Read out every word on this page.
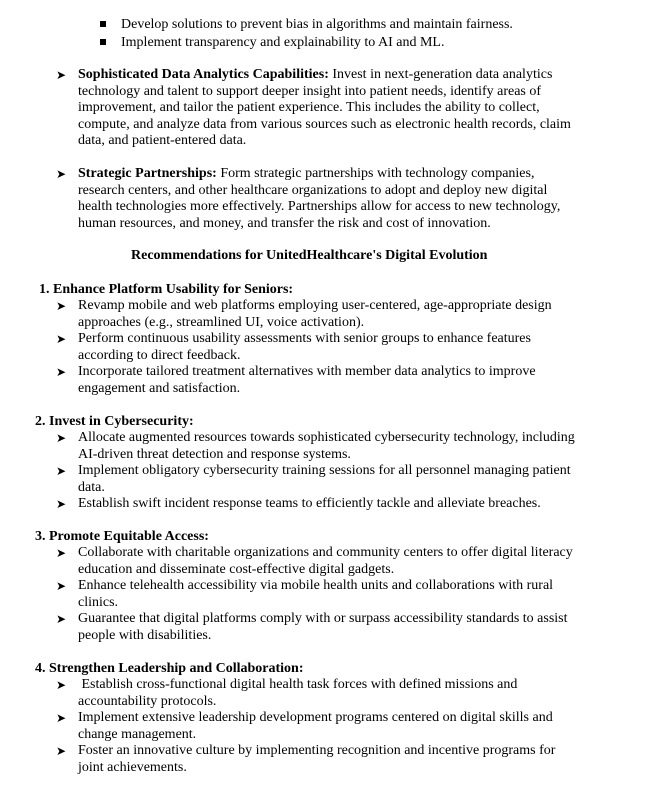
Develop solutions to prevent bias in algorithms and maintain fairness.
Implement transparency and explainability to AI and ML.
➤ Sophisticated Data Analytics Capabilities: Invest in next-generation data analytics
technology and talent to support deeper insight into patient needs, identify areas of
improvement, and tailor the patient experience. This includes the ability to collect,
compute, and analyze data from various sources such as electronic health records, claim
data, and patient-entered data.
➤ Strategic Partnerships: Form strategic partnerships with technology companies,
research centers, and other healthcare organizations to adopt and deploy new digital
health technologies more effectively. Partnerships allow for access to new technology,
human resources, and money, and transfer the risk and cost of innovation.
Recommendations for UnitedHealthcare's Digital Evolution
1. Enhance Platform Usability for Seniors:
➤ Revamp mobile and web platforms employing user-centered, age-appropriate design
approaches (e.g., streamlined UI, voice activation).
➤ Perform continuous usability assessments with senior groups to enhance features
according to direct feedback.
➤ Incorporate tailored treatment alternatives with member data analytics to improve
engagement and satisfaction.
2. Invest in Cybersecurity:
➤ Allocate augmented resources towards sophisticated cybersecurity technology, including
AI-driven threat detection and response systems.
➤ Implement obligatory cybersecurity training sessions for all personnel managing patient
data.
➤ Establish swift incident response teams to efficiently tackle and alleviate breaches.
3. Promote Equitable Access:
➤ Collaborate with charitable organizations and community centers to offer digital literacy
education and disseminate cost-effective digital gadgets.
➤ Enhance telehealth accessibility via mobile health units and collaborations with rural
clinics.
➤ Guarantee that digital platforms comply with or surpass accessibility standards to assist
people with disabilities.
4. Strengthen Leadership and Collaboration:
➤ Establish cross-functional digital health task forces with defined missions and
accountability protocols.
➤ Implement extensive leadership development programs centered on digital skills and
change management.
➤ Foster an innovative culture by implementing recognition and incentive programs for
joint achievements.
